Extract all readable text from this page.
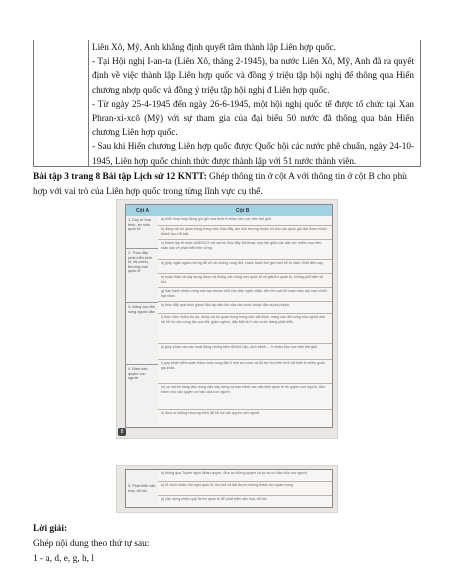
Liên Xô, Mỹ, Anh khẳng định quyết tâm thành lập Liên hợp quốc.

- Tại Hội nghị I-an-ta (Liên Xô, tháng 2-1945), ba nước Liên Xô, Mỹ, Anh đã ra quyết định về việc thành lập Liên hợp quốc và đồng ý triệu tập hội nghị để thông qua Hiến chương nhợp quốc và đồng ý triệu tập hội nghị đ Liên hợp quốc.

- Từ ngày 25-4-1945 đến ngày 26-6-1945, một hội nghị quốc tế được tổ chức tại Xan Phran-xi-xcô (Mỹ) với sự tham gia của đại biểu 50 nước đã thông qua bản Hiến chương Liên hợp quốc.

- Sau khi Hiến chương Liên hợp quốc được Quốc hội các nước phê chuẩn, ngày 24-10-1945, Liên hợp quốc chính thức được thành lập với 51 nước thành viên.

Bài tập 3 trang 8 Bài tập Lịch sử 12 KNTT: Ghép thông tin ở cột A với thông tin ở cột B cho phù hợp với vai trò của Liên hợp quốc trong từng lĩnh vực cụ thể.
Cột A	Cột B
1. Duy trì hoà bình, an ninh quốc tế
2. Thúc đẩy phát triển kinh tế, tài chính, thương mại quốc tế
3. Nâng cao đời sống người dân
4. Đảm bảo quyền con người
a) triển khai hoạt động gìn giữ hoà bình ở nhiều khu vực trên thế giới.
b) đóng vai trò quan trọng trong việc thúc đẩy, tạo môi trường thuận lợi cho các quốc gia đạt được nhiều thành tựu nổi bật.
c) thành lập tổ chức UNESCO với vai trò thúc đẩy đối thoại, hợp tác giữa các dân tộc nhằm mục tiêu toàn cầu về phát triển bền vững.
d) giúp ngăn ngừa những đổ vỡ và những xung đột, chấm hành thế giới mới kể từ năm 1945 đến nay.
e) soạn thảo và xây dựng được hệ thống các công ước quốc tế về giải trừ quân bị, chống phổ biến vũ khí.
g) ban hành nhiều công ước tạo khuôn khổ cho việc ngăn chặn, tiến tới xoá bỏ hoàn toàn các loại vũ khí hạt nhân.
h) thúc đẩy quá trình giành độc lập dân tộc của các nước thuộc địa và phụ thuộc.
i) thực hiện nhiều dự án, đóng vai trò quan trọng trong việc cải thiện, nâng cao đời sống của người dân và hỗ trợ cho công tác xoá đói, giảm nghèo, đặc biệt là ở các nước đang phát triển.
k) giúp phần vào các hoạt động chống biến đổi khí hậu, dịch bệnh,... ở nhiều khu vực trên thế giới.
l) góp phần kiểm soát nhiều cuộc xung đột ở một số nước và hỗ trợ cho tiến trình tái thiết ở nhiều quốc gia khác.
m) có vai trò hàng đầu trong việc xây dựng và ban hành các văn kiện quốc tế về quyền con người, đấu tranh cho các quyền cơ bản của con người.
n) đưa ra những chương trình để hỗ trợ các quyền con người.
8
5. Phát triển văn hoá, xã hội
n) thông qua Tuyên ngôn Nhân quyền, đưa ra những quyền và tự do cơ bản của con người.
o) tổ chức nhiều hội nghị quốc tế, thu hút và đạt được những thành tựu quan trọng.
p) xây dựng nhiều quỹ tài trợ quốc tế để phát triển văn hoá, xã hội.

Lời giải:

Ghép nội dung theo thứ tự sau:

1 - a, d, e, g, h, l
